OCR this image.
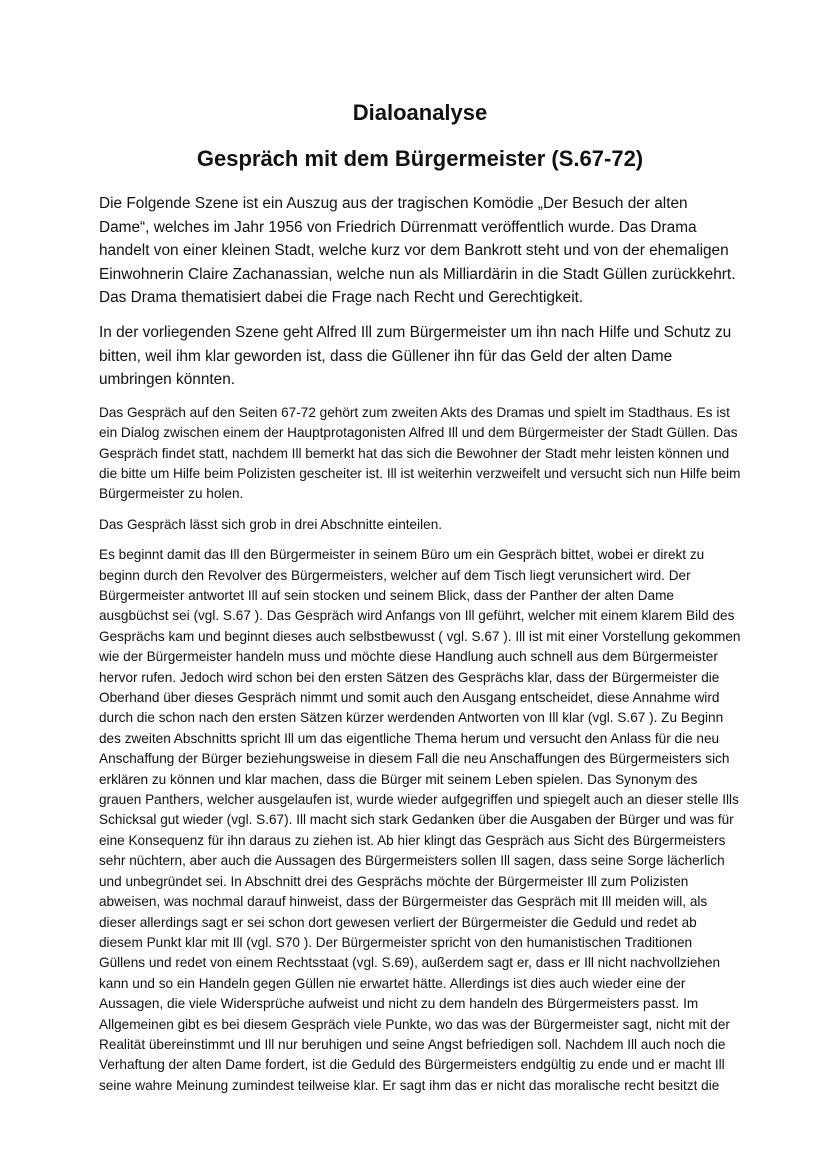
Dialoanalyse
Gespräch mit dem Bürgermeister (S.67-72)

Die Folgende Szene ist ein Auszug aus der tragischen Komödie „Der Besuch der alten Dame“, welches im Jahr 1956 von Friedrich Dürrenmatt veröffentlich wurde. Das Drama handelt von einer kleinen Stadt, welche kurz vor dem Bankrott steht und von der ehemaligen Einwohnerin Claire Zachanassian, welche nun als Milliardärin in die Stadt Güllen zurückkehrt. Das Drama thematisiert dabei die Frage nach Recht und Gerechtigkeit.

In der vorliegenden Szene geht Alfred Ill zum Bürgermeister um ihn nach Hilfe und Schutz zu bitten, weil ihm klar geworden ist, dass die Güllener ihn für das Geld der alten Dame umbringen könnten.

Das Gespräch auf den Seiten 67-72 gehört zum zweiten Akts des Dramas und spielt im Stadthaus. Es ist ein Dialog zwischen einem der Hauptprotagonisten Alfred Ill und dem Bürgermeister der Stadt Güllen. Das Gespräch findet statt, nachdem Ill bemerkt hat das sich die Bewohner der Stadt mehr leisten können und die bitte um Hilfe beim Polizisten gescheiter ist. Ill ist weiterhin verzweifelt und versucht sich nun Hilfe beim Bürgermeister zu holen.

Das Gespräch lässt sich grob in drei Abschnitte einteilen.

Es beginnt damit das Ill den Bürgermeister in seinem Büro um ein Gespräch bittet, wobei er direkt zu beginn durch den Revolver des Bürgermeisters, welcher auf dem Tisch liegt verunsichert wird. Der Bürgermeister antwortet Ill auf sein stocken und seinem Blick, dass der Panther der alten Dame ausgbüchst sei (vgl. S.67 ). Das Gespräch wird Anfangs von Ill geführt, welcher mit einem klarem Bild des Gesprächs kam und beginnt dieses auch selbstbewusst ( vgl. S.67 ). Ill ist mit einer Vorstellung gekommen wie der Bürgermeister handeln muss und möchte diese Handlung auch schnell aus dem Bürgermeister hervor rufen. Jedoch wird schon bei den ersten Sätzen des Gesprächs klar, dass der Bürgermeister die Oberhand über dieses Gespräch nimmt und somit auch den Ausgang entscheidet, diese Annahme wird durch die schon nach den ersten Sätzen kürzer werdenden Antworten von Ill klar (vgl. S.67 ). Zu Beginn des zweiten Abschnitts spricht Ill um das eigentliche Thema herum und versucht den Anlass für die neu Anschaffung der Bürger beziehungsweise in diesem Fall die neu Anschaffungen des Bürgermeisters sich erklären zu können und klar machen, dass die Bürger mit seinem Leben spielen. Das Synonym des grauen Panthers, welcher ausgelaufen ist, wurde wieder aufgegriffen und spiegelt auch an dieser stelle Ills Schicksal gut wieder (vgl. S.67). Ill macht sich stark Gedanken über die Ausgaben der Bürger und was für eine Konsequenz für ihn daraus zu ziehen ist. Ab hier klingt das Gespräch aus Sicht des Bürgermeisters sehr nüchtern, aber auch die Aussagen des Bürgermeisters sollen Ill sagen, dass seine Sorge lächerlich und unbegründet sei. In Abschnitt drei des Gesprächs möchte der Bürgermeister Ill zum Polizisten abweisen, was nochmal darauf hinweist, dass der Bürgermeister das Gespräch mit Ill meiden will, als dieser allerdings sagt er sei schon dort gewesen verliert der Bürgermeister die Geduld und redet ab diesem Punkt klar mit Ill (vgl. S70 ). Der Bürgermeister spricht von den humanistischen Traditionen Güllens und redet von einem Rechtsstaat (vgl. S.69), außerdem sagt er, dass er Ill nicht nachvollziehen kann und so ein Handeln gegen Güllen nie erwartet hätte. Allerdings ist dies auch wieder eine der Aussagen, die viele Widersprüche aufweist und nicht zu dem handeln des Bürgermeisters passt. Im Allgemeinen gibt es bei diesem Gespräch viele Punkte, wo das was der Bürgermeister sagt, nicht mit der Realität übereinstimmt und Ill nur beruhigen und seine Angst befriedigen soll. Nachdem Ill auch noch die Verhaftung der alten Dame fordert, ist die Geduld des Bürgermeisters endgültig zu ende und er macht Ill seine wahre Meinung zumindest teilweise klar. Er sagt ihm das er nicht das moralische recht besitzt die
